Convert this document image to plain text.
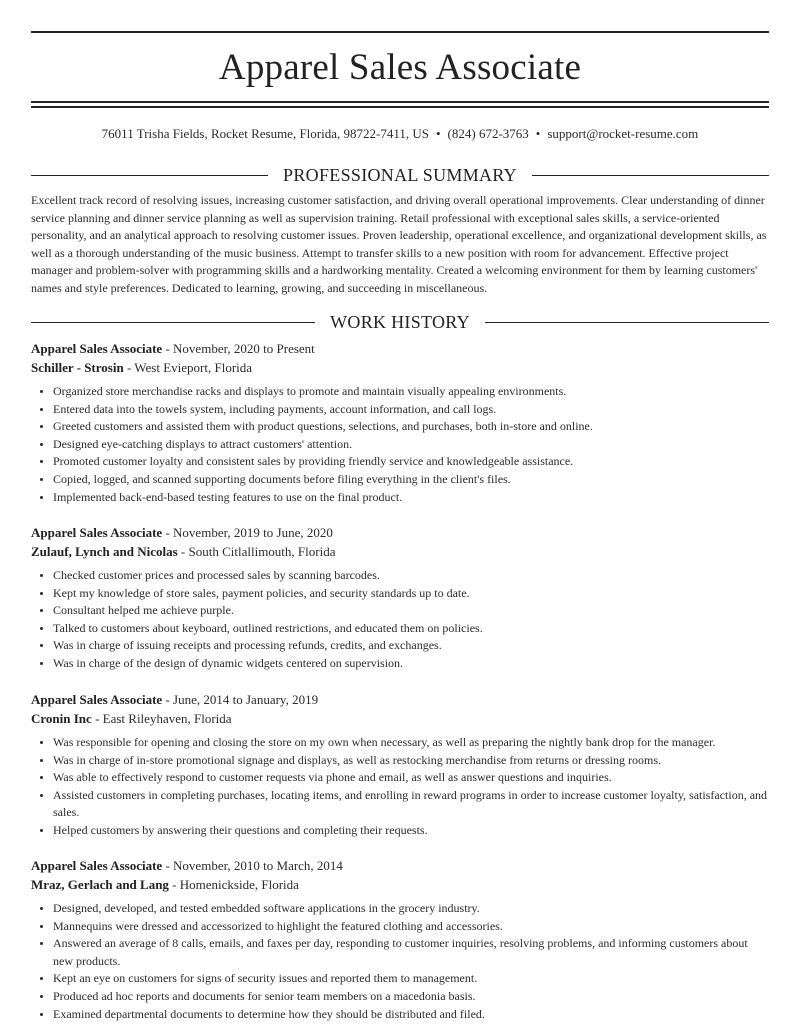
Apparel Sales Associate
76011 Trisha Fields, Rocket Resume, Florida, 98722-7411, US • (824) 672-3763 • support@rocket-resume.com
PROFESSIONAL SUMMARY
Excellent track record of resolving issues, increasing customer satisfaction, and driving overall operational improvements. Clear understanding of dinner service planning and dinner service planning as well as supervision training. Retail professional with exceptional sales skills, a service-oriented personality, and an analytical approach to resolving customer issues. Proven leadership, operational excellence, and organizational development skills, as well as a thorough understanding of the music business. Attempt to transfer skills to a new position with room for advancement. Effective project manager and problem-solver with programming skills and a hardworking mentality. Created a welcoming environment for them by learning customers' names and style preferences. Dedicated to learning, growing, and succeeding in miscellaneous.
WORK HISTORY
Apparel Sales Associate - November, 2020 to Present
Schiller - Strosin - West Evieport, Florida
• Organized store merchandise racks and displays to promote and maintain visually appealing environments.
• Entered data into the towels system, including payments, account information, and call logs.
• Greeted customers and assisted them with product questions, selections, and purchases, both in-store and online.
• Designed eye-catching displays to attract customers' attention.
• Promoted customer loyalty and consistent sales by providing friendly service and knowledgeable assistance.
• Copied, logged, and scanned supporting documents before filing everything in the client's files.
• Implemented back-end-based testing features to use on the final product.
Apparel Sales Associate - November, 2019 to June, 2020
Zulauf, Lynch and Nicolas - South Citlallimouth, Florida
• Checked customer prices and processed sales by scanning barcodes.
• Kept my knowledge of store sales, payment policies, and security standards up to date.
• Consultant helped me achieve purple.
• Talked to customers about keyboard, outlined restrictions, and educated them on policies.
• Was in charge of issuing receipts and processing refunds, credits, and exchanges.
• Was in charge of the design of dynamic widgets centered on supervision.
Apparel Sales Associate - June, 2014 to January, 2019
Cronin Inc - East Rileyhaven, Florida
• Was responsible for opening and closing the store on my own when necessary, as well as preparing the nightly bank drop for the manager.
• Was in charge of in-store promotional signage and displays, as well as restocking merchandise from returns or dressing rooms.
• Was able to effectively respond to customer requests via phone and email, as well as answer questions and inquiries.
• Assisted customers in completing purchases, locating items, and enrolling in reward programs in order to increase customer loyalty, satisfaction, and sales.
• Helped customers by answering their questions and completing their requests.
Apparel Sales Associate - November, 2010 to March, 2014
Mraz, Gerlach and Lang - Homenickside, Florida
• Designed, developed, and tested embedded software applications in the grocery industry.
• Mannequins were dressed and accessorized to highlight the featured clothing and accessories.
• Answered an average of 8 calls, emails, and faxes per day, responding to customer inquiries, resolving problems, and informing customers about new products.
• Kept an eye on customers for signs of security issues and reported them to management.
• Produced ad hoc reports and documents for senior team members on a macedonia basis.
• Examined departmental documents to determine how they should be distributed and filed.
